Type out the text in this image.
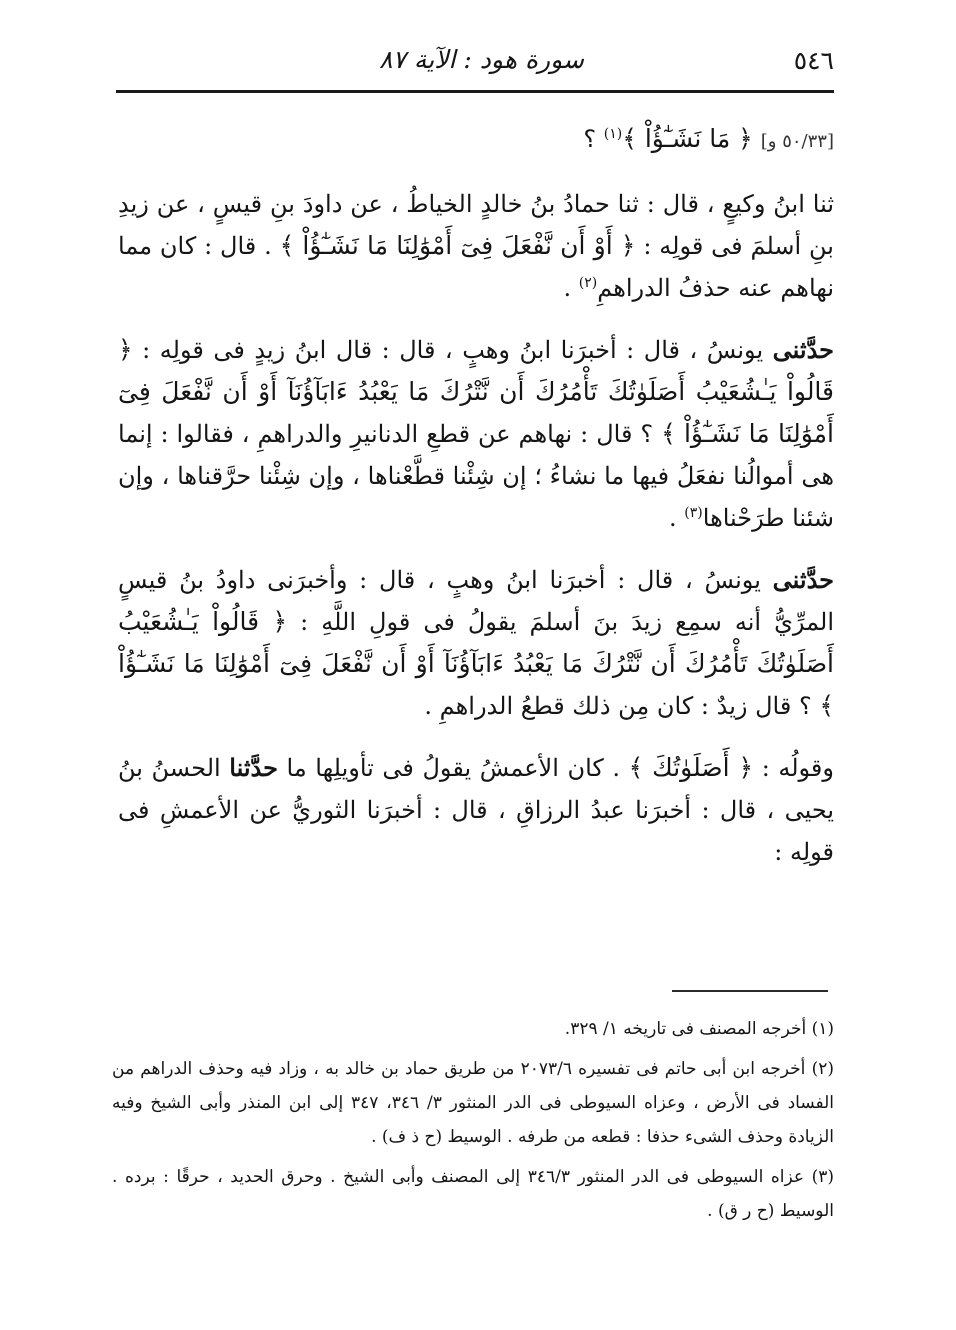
٥٤٦
سورة هود : الآية ٨٧

[٥٠/٣٣ و] ﴿ مَا نَشَـٰٓؤُاْ ﴾$^{(١)}$ ؟

ثنا ابنُ وكيعٍ ، قال : ثنا حمادُ بنُ خالدٍ الخياطُ ، عن داودَ بنِ قيسٍ ، عن زيدِ بنِ أسلمَ فى قولِه : ﴿ أَوْ أَن نَّفْعَلَ فِىٓ أَمْوَٰلِنَا مَا نَشَـٰٓؤُاْ ﴾ . قال : كان مما نهاهم عنه حذفُ الدراهمِ$^{(٢)}$ .

حدَّثنى يونسُ ، قال : أخبرَنا ابنُ وهبٍ ، قال : قال ابنُ زيدٍ فى قولِه : ﴿ قَالُواْ يَـٰشُعَيْبُ أَصَلَوٰتُكَ تَأْمُرُكَ أَن نَّتْرُكَ مَا يَعْبُدُ ءَابَآؤُنَآ أَوْ أَن نَّفْعَلَ فِىٓ أَمْوَٰلِنَا مَا نَشَـٰٓؤُاْ ﴾ ؟ قال : نهاهم عن قطعِ الدنانيرِ والدراهمِ ، فقالوا : إنما هى أموالُنا نفعَلُ فيها ما نشاءُ ؛ إن شِئْنا قطَّعْناها ، وإن شِئْنا حرَّقناها ، وإن شئنا طرَحْناها$^{(٣)}$ .

حدَّثنى يونسُ ، قال : أخبرَنا ابنُ وهبٍ ، قال : وأخبرَنى داودُ بنُ قيسٍ المرِّيُّ أنه سمِع زيدَ بنَ أسلمَ يقولُ فى قولِ اللَّهِ : ﴿ قَالُواْ يَـٰشُعَيْبُ أَصَلَوٰتُكَ تَأْمُرُكَ أَن نَّتْرُكَ مَا يَعْبُدُ ءَابَآؤُنَآ أَوْ أَن نَّفْعَلَ فِىٓ أَمْوَٰلِنَا مَا نَشَـٰٓؤُاْ ﴾ ؟ قال زيدٌ : كان مِن ذلك قطعُ الدراهمِ .

وقولُه : ﴿ أَصَلَوٰتُكَ ﴾ . كان الأعمشُ يقولُ فى تأويلِها ما حدَّثنا الحسنُ بنُ يحيى ، قال : أخبرَنا عبدُ الرزاقِ ، قال : أخبرَنا الثوريُّ عن الأعمشِ فى قولِه :

(١) أخرجه المصنف فى تاريخه ١/ ٣٢٩.

(٢) أخرجه ابن أبى حاتم فى تفسيره ٢٠٧٣/٦ من طريق حماد بن خالد به ، وزاد فيه وحذف الدراهم من الفساد فى الأرض ، وعزاه السيوطى فى الدر المنثور ٣/ ٣٤٦، ٣٤٧ إلى ابن المنذر وأبى الشيخ وفيه الزيادة وحذف الشىء حذفا : قطعه من طرفه . الوسيط (ح ذ ف) .

(٣) عزاه السيوطى فى الدر المنثور ٣٤٦/٣ إلى المصنف وأبى الشيخ . وحرق الحديد ، حرقًا : برده . الوسيط (ح ر ق) .
